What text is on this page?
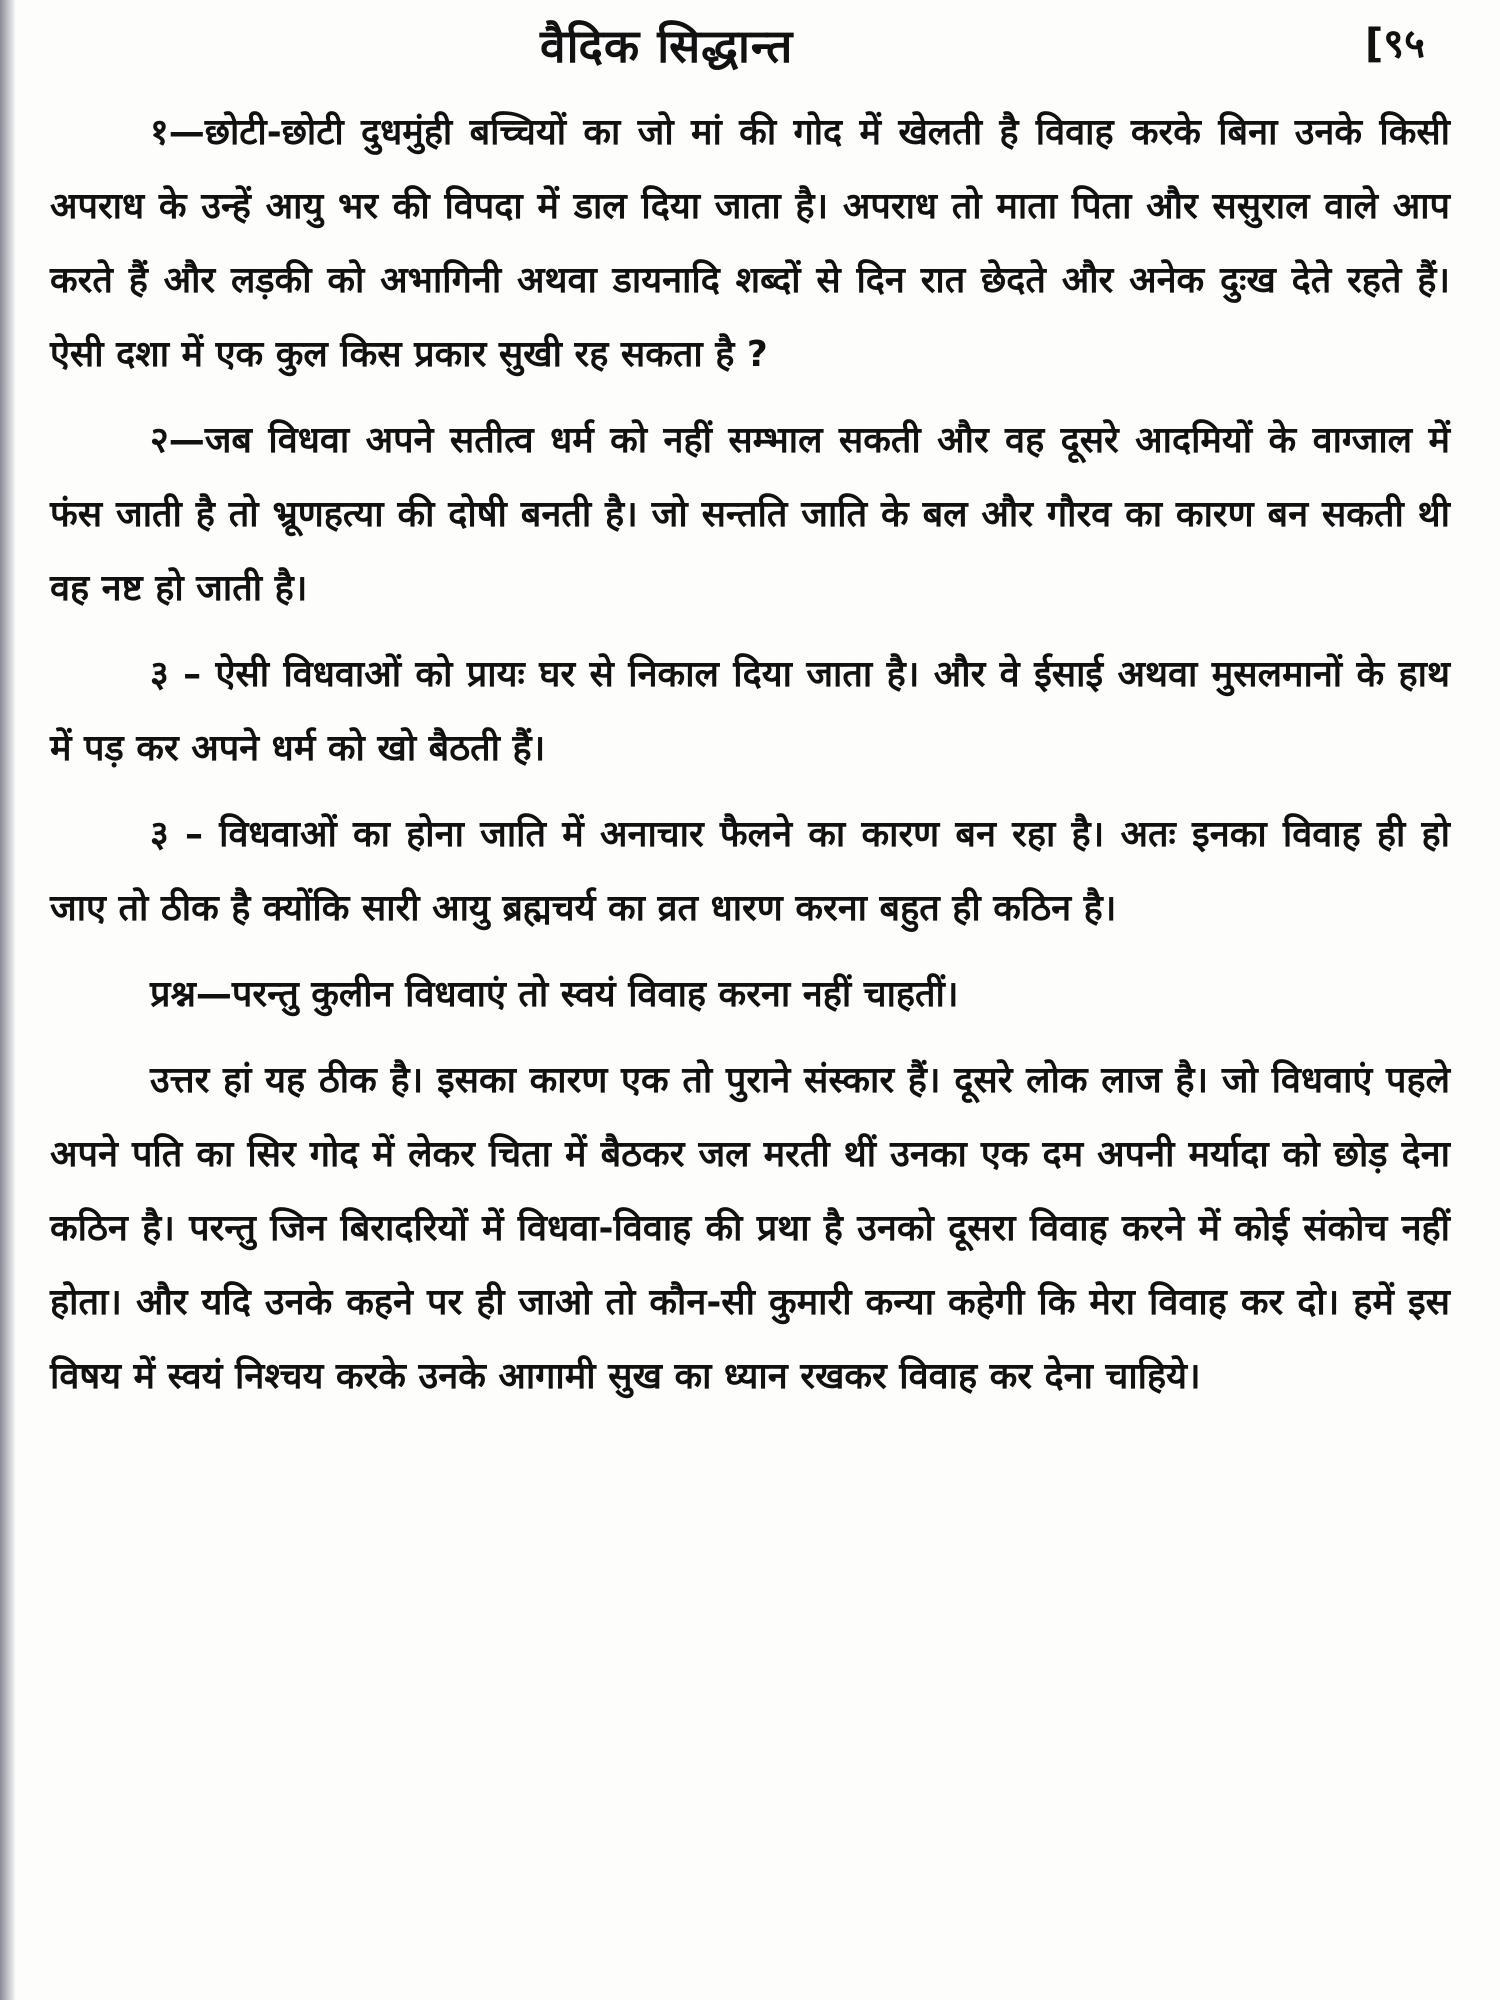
वैदिक सिद्धान्त	[९५

१—छोटी-छोटी दुधमुंही बच्चियों का जो मां की गोद में खेलती है विवाह करके बिना उनके किसी अपराध के उन्हें आयु भर की विपदा में डाल दिया जाता है। अपराध तो माता पिता और ससुराल वाले आप करते हैं और लड़की को अभागिनी अथवा डायनादि शब्दों से दिन रात छेदते और अनेक दुःख देते रहते हैं। ऐसी दशा में एक कुल किस प्रकार सुखी रह सकता है ?

२—जब विधवा अपने सतीत्व धर्म को नहीं सम्भाल सकती और वह दूसरे आदमियों के वाग्जाल में फंस जाती है तो भ्रूणहत्या की दोषी बनती है। जो सन्तति जाति के बल और गौरव का कारण बन सकती थी वह नष्ट हो जाती है।

३ – ऐसी विधवाओं को प्रायः घर से निकाल दिया जाता है। और वे ईसाई अथवा मुसलमानों के हाथ में पड़ कर अपने धर्म को खो बैठती हैं।

३ – विधवाओं का होना जाति में अनाचार फैलने का कारण बन रहा है। अतः इनका विवाह ही हो जाए तो ठीक है क्योंकि सारी आयु ब्रह्मचर्य का व्रत धारण करना बहुत ही कठिन है।

प्रश्न—परन्तु कुलीन विधवाएं तो स्वयं विवाह करना नहीं चाहतीं।

उत्तर हां यह ठीक है। इसका कारण एक तो पुराने संस्कार हैं। दूसरे लोक लाज है। जो विधवाएं पहले अपने पति का सिर गोद में लेकर चिता में बैठकर जल मरती थीं उनका एक दम अपनी मर्यादा को छोड़ देना कठिन है। परन्तु जिन बिरादरियों में विधवा-विवाह की प्रथा है उनको दूसरा विवाह करने में कोई संकोच नहीं होता। और यदि उनके कहने पर ही जाओ तो कौन-सी कुमारी कन्या कहेगी कि मेरा विवाह कर दो। हमें इस विषय में स्वयं निश्चय करके उनके आगामी सुख का ध्यान रखकर विवाह कर देना चाहिये।
